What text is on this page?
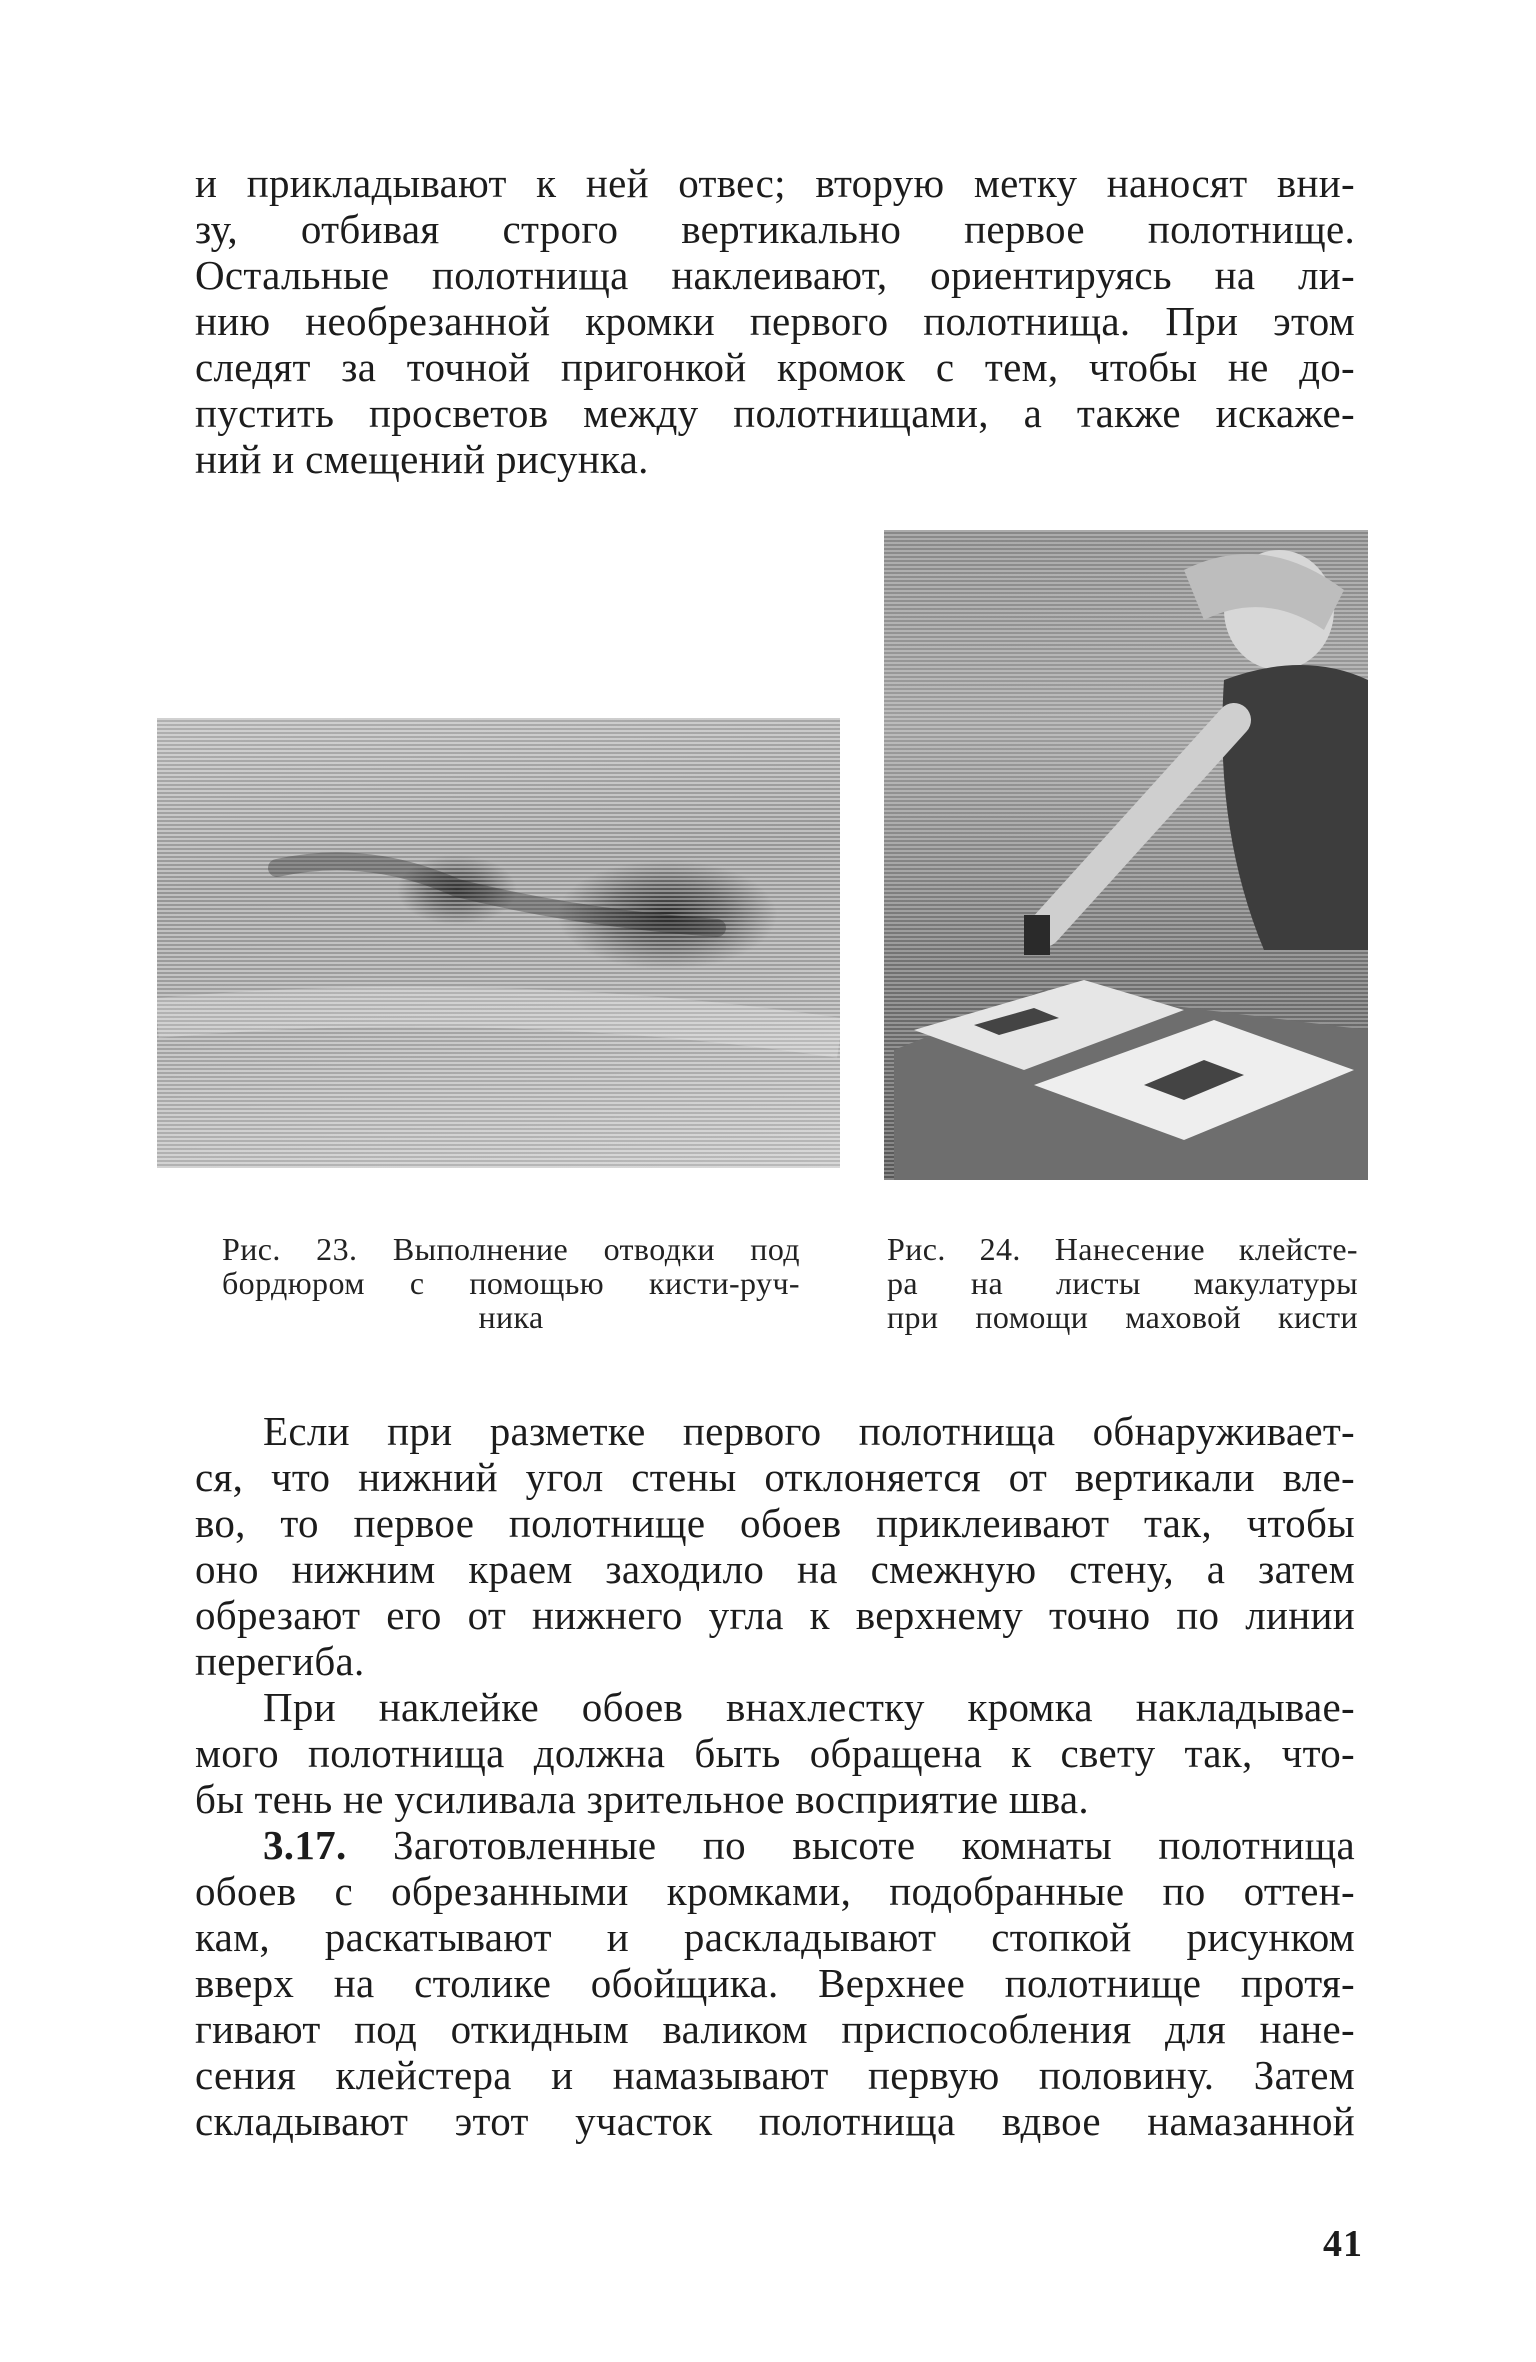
и прикладывают к ней отвес; вторую метку наносят вни-
зу, отбивая строго вертикально первое полотнище.
Остальные полотнища наклеивают, ориентируясь на ли-
нию необрезанной кромки первого полотнища. При этом
следят за точной пригонкой кромок с тем, чтобы не до-
пустить просветов между полотнищами, а также искаже-
ний и смещений рисунка.

Рис. 23. Выполнение отводки под
бордюром с помощью кисти-руч-
ника

Рис. 24. Нанесение клейсте-
ра на листы макулатуры
при помощи маховой кисти

Если при разметке первого полотнища обнаруживает-
ся, что нижний угол стены отклоняется от вертикали вле-
во, то первое полотнище обоев приклеивают так, чтобы
оно нижним краем заходило на смежную стену, а затем
обрезают его от нижнего угла к верхнему точно по линии
перегиба.

При наклейке обоев внахлестку кромка накладывае-
мого полотнища должна быть обращена к свету так, что-
бы тень не усиливала зрительное восприятие шва.

3.17. Заготовленные по высоте комнаты полотнища
обоев с обрезанными кромками, подобранные по оттен-
кам, раскатывают и раскладывают стопкой рисунком
вверх на столике обойщика. Верхнее полотнище протя-
гивают под откидным валиком приспособления для нане-
сения клейстера и намазывают первую половину. Затем
складывают этот участок полотнища вдвое намазанной

41
